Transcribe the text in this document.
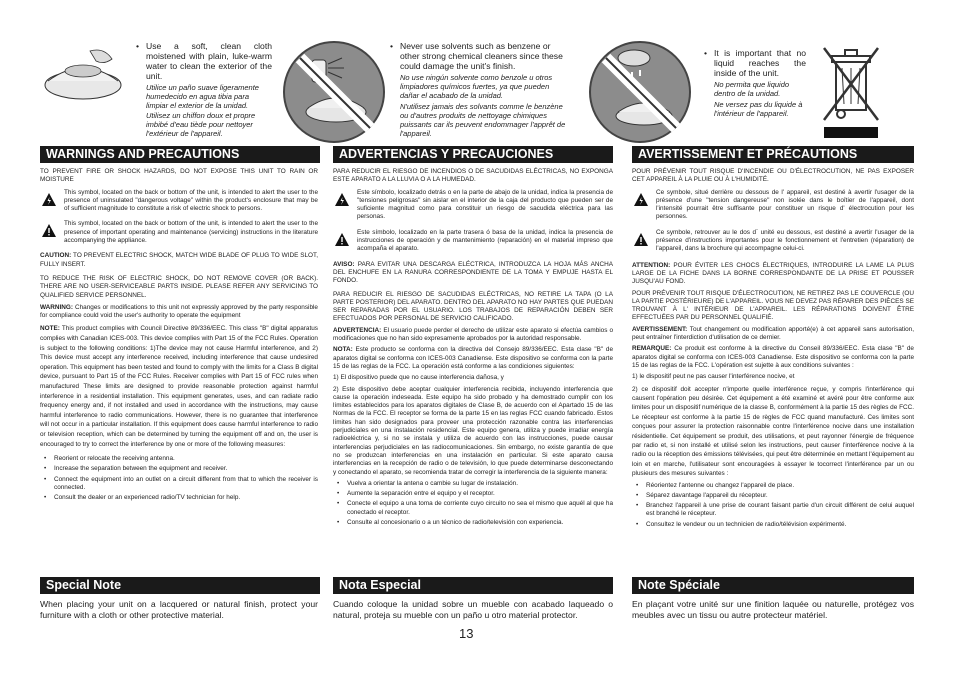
• Use a soft, clean cloth moistened with plain, luke-warm water to clean the exterior of the unit.

Utilice un paño suave ligeramente humedecido en agua tibia para limpiar el exterior de la unidad.

Utilisez un chiffon doux et propre imbibé d'eau tiède pour nettoyer l'extérieur de l'appareil.

• Never use solvents such as benzene or other strong chemical cleaners since these could damage the unit's finish.

No use ningún solvente como benzole u otros limpiadores químicos fuertes, ya que pueden dañar el acabado de la unidad.

N'utilisez jamais des solvants comme le benzène ou d'autres produits de nettoyage chimiques puissants car ils peuvent endommager l'apprêt de l'appareil.

• It is important that no liquid reaches the inside of the unit.

No permita que liquido dentro de la unidad.

Ne versez pas du liquide à l'intérieur de l'appareil.

WARNINGS AND PRECAUTIONS	ADVERTENCIAS Y PRECAUCIONES	AVERTISSEMENT ET PRÉCAUTIONS

TO PREVENT FIRE OR SHOCK HAZARDS, DO NOT EXPOSE THIS UNIT TO RAIN OR MOISTURE

This symbol, located on the back or bottom of the unit, is intended to alert the user to the presence of uninsulated "dangerous voltage" within the product's enclosure that may be of sufficient magnitude to constitute a risk of electric shock to persons.

This symbol, located on the back or bottom of the unit, is intended to alert the user to the presence of important operating and maintenance (servicing) instructions in the literature accompanying the appliance.

CAUTION: TO PREVENT ELECTRIC SHOCK, MATCH WIDE BLADE OF PLUG TO WIDE SLOT, FULLY INSERT.

TO REDUCE THE RISK OF ELECTRIC SHOCK, DO NOT REMOVE COVER (OR BACK). THERE ARE NO USER-SERVICEABLE PARTS INSIDE. PLEASE REFER ANY SERVICING TO QUALIFIED SERVICE PERSONNEL.

WARNING: Changes or modifications to this unit not expressly approved by the party responsible for compliance could void the user's authority to operate the equipment

NOTE: This product complies with Council Directive 89/336/EEC. This class "B" digital apparatus complies with Canadian ICES-003. This device complies with Part 15 of the FCC Rules. Operation is subject to the following conditions: 1)The device may not cause Harmful interference, and 2) This device must accept any interference received, including interference that cause undesired operation. This equipment has been tested and found to comply with the limits for a Class B digital device, pursuant to Part 15 of the FCC Rules. Receiver complies with Part 15 of FCC rules when manufactured These limits are designed to provide reasonable protection against harmful interference in a residential installation. This equipment generates, uses, and can radiate radio frequency energy and, if not installed and used in accordance with the instructions, may cause harmful interference to radio communications. However, there is no guarantee that interference will not occur in a particular installation. If this equipment does cause harmful interference to radio or television reception, which can be determined by turning the equipment off and on, the user is encouraged to try to correct the interference by one or more of the following measures:

• Reorient or relocate the receiving antenna.
• Increase the separation between the equipment and receiver.
• Connect the equipment into an outlet on a circuit different from that to which the receiver is connected.
• Consult the dealer or an experienced radio/TV technician for help.
Special Note

When placing your unit on a lacquered or natural finish, protect your furniture with a cloth or other protective material.

PARA REDUCIR EL RIESGO DE INCENDIOS O DE SACUDIDAS ELÉCTRICAS, NO EXPONGA ESTE APARATO A LA LLUVIA O A LA HUMEDAD.

Este símbolo, localizado detrás o en la parte de abajo de la unidad, indica la presencia de "tensiones peligrosas" sin aislar en el interior de la caja del producto que pueden ser de suficiente magnitud como para constituir un riesgo de sacudida eléctrica para las personas.

Este símbolo, localizado en la parte trasera ó basa de la unidad, indica la presencia de instrucciones de operación y de mantenimiento (reparación) en el material impreso que acompaña el aparato.

AVISO: PARA EVITAR UNA DESCARGA ELÉCTRICA, INTRODUZCA LA HOJA MÁS ANCHA DEL ENCHUFE EN LA RANURA CORRESPONDIENTE DE LA TOMA Y EMPUJE HASTA EL FONDO.

PARA REDUCIR EL RIESGO DE SACUDIDAS ELÉCTRICAS, NO RETIRE LA TAPA (O LA PARTE POSTERIOR) DEL APARATO. DENTRO DEL APARATO NO HAY PARTES QUE PUEDAN SER REPARADAS POR EL USUARIO. LOS TRABAJOS DE REPARACIÓN DEBEN SER EFECTUADOS POR PERSONAL DE SERVICIO CALIFICADO.

ADVERTENCIA: El usuario puede perder el derecho de utilizar este aparato si efectúa cambios o modificaciones que no han sido expresamente aprobados por la autoridad responsable.

NOTA: Este producto se conforma con la directiva del Consejo 89/336/EEC. Esta clase "B" de aparatos digital se conforma con ICES-003 Canadiense. Este dispositivo se conforma con la parte 15 de las reglas de la FCC. La operación está conforme a las condiciones siguientes:

1) El dispositivo puede que no cause interferencia dañosa, y

2) Este dispositivo debe aceptar cualquier interferencia recibida, incluyendo interferencia que cause la operación indeseada. Este equipo ha sido probado y ha demostrado cumplir con los límites establecidos para los aparatos digitales de Clase B, de acuerdo con el Apartado 15 de las Normas de la FCC. El receptor se forma de la parte 15 en las reglas FCC cuando fabricado. Estos límites han sido designados para proveer una protección razonable contra las interferencias perjudiciales en una instalación residencial. Este equipo genera, utiliza y puede irradiar energía radioeléctrica y, si no se instala y utiliza de acuerdo con las instrucciones, puede causar interferencias perjudiciales en las radiocomunicaciones. Sin embargo, no existe garantía de que no se produzcan interferencias en una instalación en particular. Si este aparato causa interferencias en la recepción de radio o de televisión, lo que puede determinarse desconectando y conectando el aparato, se recomienda tratar de corregir la interferencia de la siguiente manera:

• Vuelva a orientar la antena o cambie su lugar de instalación.
• Aumente la separación entre el equipo y el receptor.
• Conecte el equipo a una toma de corriente cuyo circuito no sea el mismo que aquél al que ha conectado el receptor.
• Consulte al concesionario o a un técnico de radio/televisión con experiencia.
Nota Especial

Cuando coloque la unidad sobre un mueble con acabado laqueado o natural, proteja su mueble con un paño u otro material protector.

POUR PRÉVENIR TOUT RISQUE D'INCENDIE OU D'ÉLECTROCUTION, NE PAS EXPOSER CET APPAREIL À LA PLUIE OU À L'HUMIDITÉ.

Ce symbole, situé derrière ou dessous de l' appareil, est destiné à avertir l'usager de la présence d'une "tension dangereuse" non isolée dans le boîtier de l'appareil, dont l'intensité pourrait être suffisante pour constituer un risque d' électrocution pour les personnes.

Ce symbole, retrouver au le dos d` unité eu dessous, est destiné a avertir l'usager de la présence d'instructions importantes pour le fonctionnement et l'entretien (réparation) de l'appareil, dans la brochure qui accompagne celui-ci.

ATTENTION: POUR ÉVITER LES CHOCS ÉLECTRIQUES, INTRODUIRE LA LAME LA PLUS LARGE DE LA FICHE DANS LA BORNE CORRESPONDANTE DE LA PRISE ET POUSSER JUSQU'AU FOND.

POUR PRÉVENIR TOUT RISQUE D'ÉLECTROCUTION, NE RETIREZ PAS LE COUVERCLE (OU LA PARTIE POSTÉRIEURE) DE L'APPAREIL. VOUS NE DEVEZ PAS RÉPARER DES PIÈCES SE TROUVANT À L' INTÉRIEUR DE L'APPAREIL. LES RÉPARATIONS DOIVENT ÊTRE EFFECTUÉES PAR DU PERSONNEL QUALIFIÉ.

AVERTISSEMENT: Tout changement ou modification apporté(e) à cet appareil sans autorisation, peut entraîner l'interdiction d'utilisation de ce dernier.

REMARQUE: Ce produit est conforme à la directive du Conseil 89/336/EEC. Esta clase "B" de aparatos digital se conforma con ICES-003 Canadiense. Este dispositivo se conforma con la parte 15 de las reglas de la FCC. L'opération est sujette à aux conditions suivantes :

1) le dispositif peut ne pas causer l'interférence nocive, et

2) ce dispositif doit accepter n'importe quelle interférence reçue, y compris l'interférence qui causent l'opération peu désirée. Cet équipement a été examiné et avéré pour être conforme aux limites pour un dispositif numérique de la classe B, conformément à la partie 15 des règles de FCC. Le récepteur est conforme à la partie 15 de règles de FCC quand manufacturé. Ces limites sont conçues pour assurer la protection raisonnable contre l'interférence nocive dans une installation résidentielle. Cet équipement se produit, des utilisations, et peut rayonner l'énergie de fréquence par radio et, si non installé et utilisé selon les instructions, peut causer l'interférence nocive à la radio ou la réception des émissions télévisées, qui peut être déterminée en mettant l'équipement au loin et en marche, l'utilisateur sont encouragées à essayer le tocorrect l'interférence par un ou plusieurs des mesures suivantes :

• Réorientez l'antenne ou changez l'appareil de place.
• Séparez davantage l'appareil du récepteur.
• Branchez l'appareil à une prise de courant faisant partie d'un circuit différent de celui auquel est branché le récepteur.
• Consultez le vendeur ou un technicien de radio/télévision expérimenté.
Note Spéciale

En plaçant votre unité sur une finition laquée ou naturelle, protégez vos meubles avec un tissu ou autre protecteur matériel.

13
